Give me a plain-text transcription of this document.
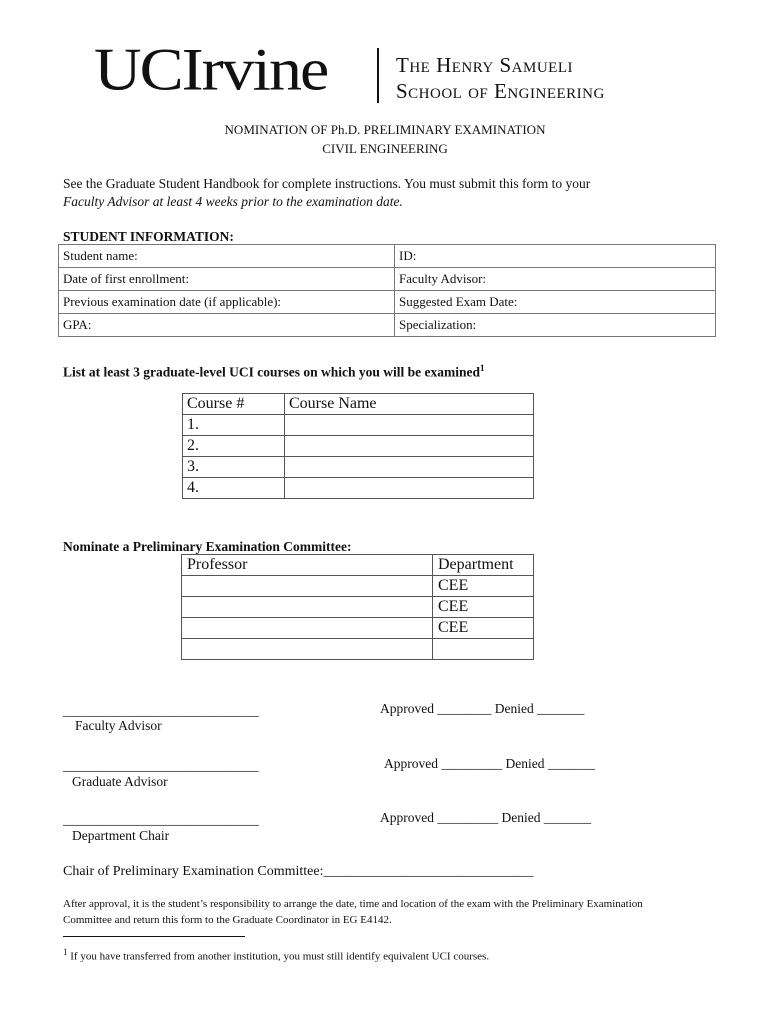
UCIrvine	The Henry Samueli
School of Engineering
NOMINATION OF Ph.D. PRELIMINARY EXAMINATION
CIVIL ENGINEERING
See the Graduate Student Handbook for complete instructions. You must submit this form to your
Faculty Advisor at least 4 weeks prior to the examination date.
STUDENT INFORMATION:
Student name:	ID:
Date of first enrollment:	Faculty Advisor:
Previous examination date (if applicable):	Suggested Exam Date:
GPA:	Specialization:
List at least 3 graduate-level UCI courses on which you will be examined$^1$
Course #	Course Name
1.	
2.	
3.	
4.	
Nominate a Preliminary Examination Committee:
Professor	Department
	CEE
	CEE
	CEE

_____________________________
Faculty Advisor
Approved ________ Denied _______
_____________________________
Graduate Advisor
Approved _________ Denied _______
_____________________________
Department Chair
Approved _________ Denied _______
Chair of Preliminary Examination Committee:______________________________
After approval, it is the student’s responsibility to arrange the date, time and location of the exam with the Preliminary Examination Committee and return this form to the Graduate Coordinator in EG E4142.
$^1$ If you have transferred from another institution, you must still identify equivalent UCI courses.
